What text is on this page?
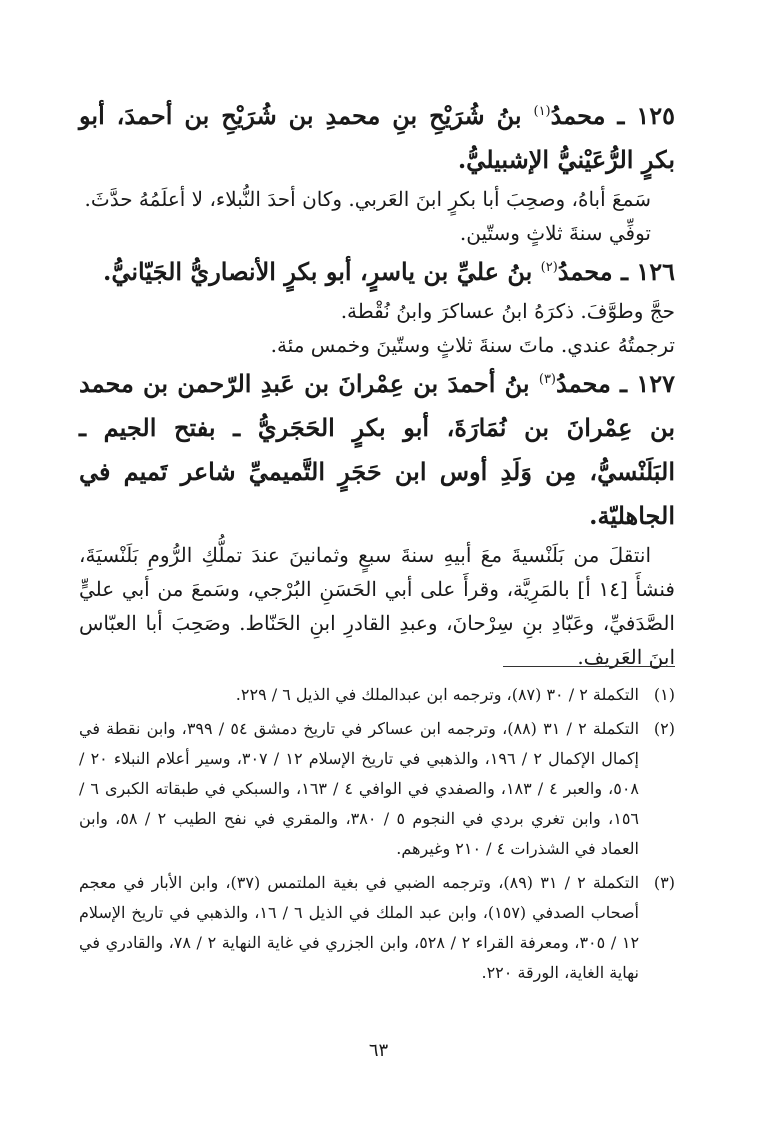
١٢٥ ـ محمدُ$^{(١)}$ بنُ شُرَيْحِ بنِ محمدِ بن شُرَيْحِ بن أحمدَ، أبو بكرٍ الرُّعَيْنيُّ الإشبيليُّ.

سَمعَ أباهُ، وصحِبَ أبا بكرٍ ابنَ العَربي. وكان أحدَ النُّبلاء، لا أعلَمُهُ حدَّثَ.

توفِّي سنةَ ثلاثٍ وستّين.

١٢٦ ـ محمدُ$^{(٢)}$ بنُ عليِّ بن ياسرٍ، أبو بكرٍ الأنصاريُّ الجَيّانيُّ.

حجَّ وطوَّفَ. ذكرَهُ ابنُ عساكرَ وابنُ نُقْطة.

ترجمتُهُ عندي. ماتَ سنةَ ثلاثٍ وستّينَ وخمس مئة.

١٢٧ ـ محمدُ$^{(٣)}$ بنُ أحمدَ بن عِمْرانَ بن عَبدِ الرّحمن بن محمد بن عِمْرانَ بن نُمَارَةَ، أبو بكرٍ الحَجَريُّ ـ بفتح الجيم ـ البَلَنْسيُّ، مِن وَلَدِ أوس ابن حَجَرٍ التَّميميِّ شاعر تَميم في الجاهليّة.

انتقلَ من بَلَنْسيةَ معَ أبيهِ سنةَ سبعٍ وثمانينَ عندَ تملُّكِ الرُّومِ بَلَنْسيَةَ، فنشأَ [١٤ أ] بالمَرِيَّة، وقرأَ على أبي الحَسَنِ البُرْجي، وسَمعَ من أبي عليٍّ الصَّدَفيِّ، وعَبّادِ بنِ سِرْحانَ، وعبدِ القادرِ ابنِ الحَنّاط. وصَحِبَ أبا العبّاس ابنَ العَريف.

(١)
التكملة ٢ / ٣٠ (٨٧)، وترجمه ابن عبدالملك في الذيل ٦ / ٢٢٩.
(٢)
التكملة ٢ / ٣١ (٨٨)، وترجمه ابن عساكر في تاريخ دمشق ٥٤ / ٣٩٩، وابن نقطة في إكمال الإكمال ٢ / ١٩٦، والذهبي في تاريخ الإسلام ١٢ / ٣٠٧، وسير أعلام النبلاء ٢٠ / ٥٠٨، والعبر ٤ / ١٨٣، والصفدي في الوافي ٤ / ١٦٣، والسبكي في طبقاته الكبرى ٦ / ١٥٦، وابن تغري بردي في النجوم ٥ / ٣٨٠، والمقري في نفح الطيب ٢ / ٥٨، وابن العماد في الشذرات ٤ / ٢١٠ وغيرهم.
(٣)
التكملة ٢ / ٣١ (٨٩)، وترجمه الضبي في بغية الملتمس (٣٧)، وابن الأبار في معجم أصحاب الصدفي (١٥٧)، وابن عبد الملك في الذيل ٦ / ١٦، والذهبي في تاريخ الإسلام ١٢ / ٣٠٥، ومعرفة القراء ٢ / ٥٢٨، وابن الجزري في غاية النهاية ٢ / ٧٨، والقادري في نهاية الغاية، الورقة ٢٢٠.
٦٣
